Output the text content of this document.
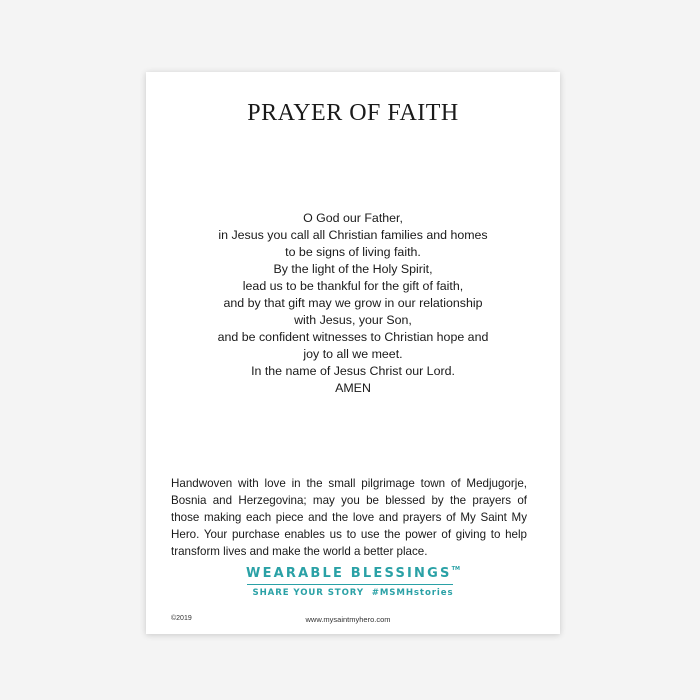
PRAYER OF FAITH
O God our Father,
in Jesus you call all Christian families and homes
to be signs of living faith.
By the light of the Holy Spirit,
lead us to be thankful for the gift of faith,
and by that gift may we grow in our relationship
with Jesus, your Son,
and be confident witnesses to Christian hope and
joy to all we meet.
In the name of Jesus Christ our Lord.
AMEN

Handwoven with love in the small pilgrimage town of Medjugorje, Bosnia and Herzegovina; may you be blessed by the prayers of those making each piece and the love and prayers of My Saint My Hero. Your purchase enables us to use the power of giving to help transform lives and make the world a better place.

WEARABLE BLESSINGS™
SHARE YOUR STORY  #MSMHstories
©2019	www.mysaintmyhero.com
